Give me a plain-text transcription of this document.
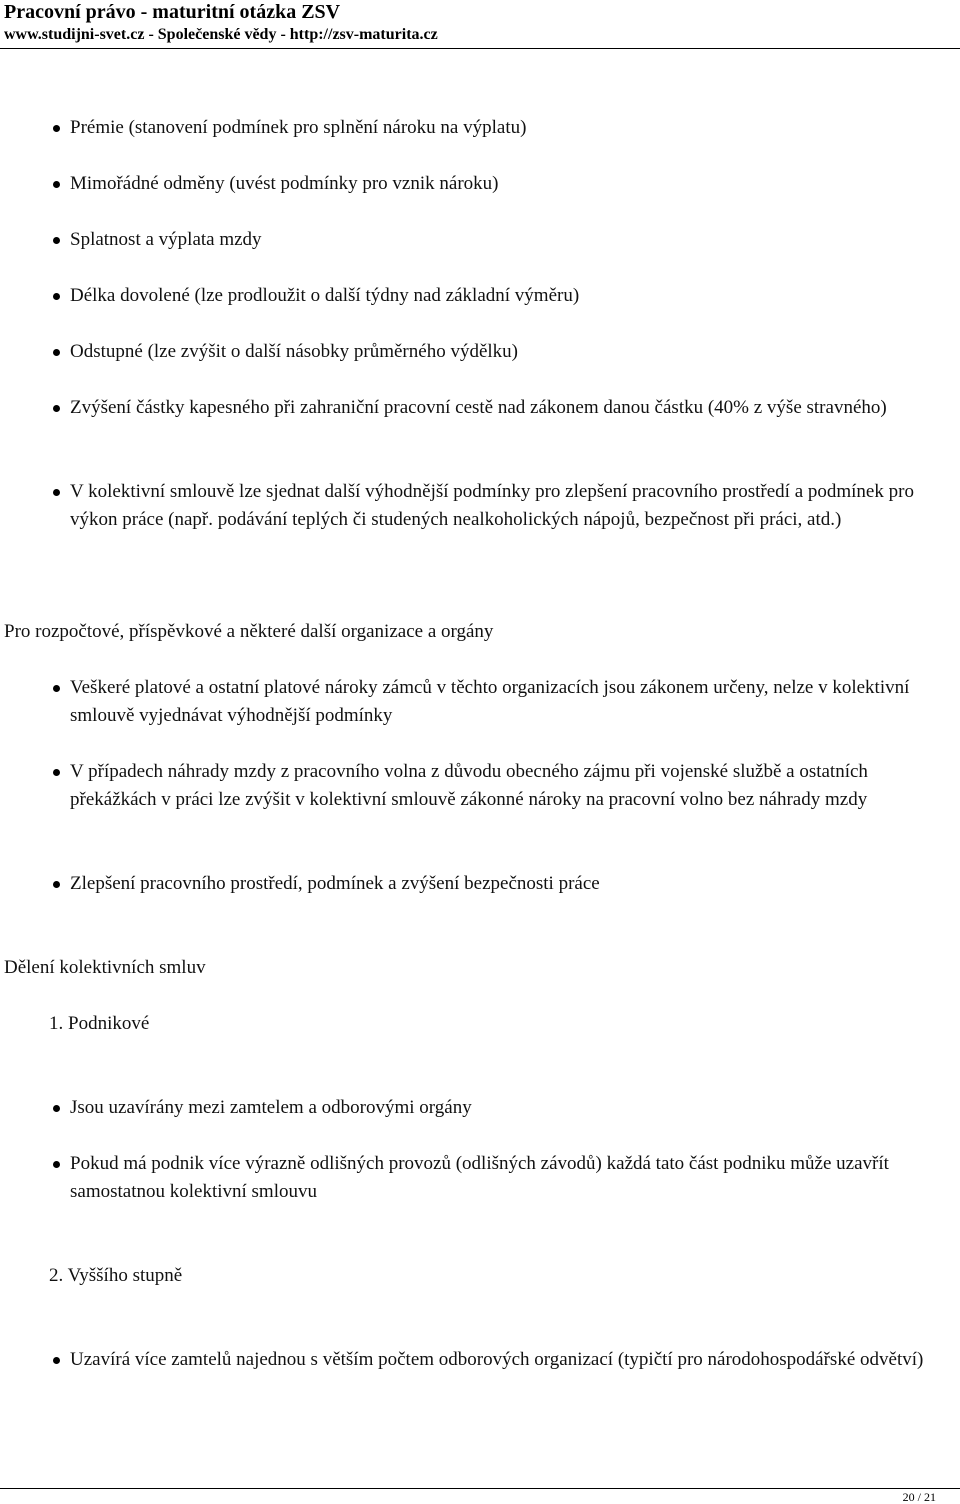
Pracovní právo - maturitní otázka ZSV
www.studijni-svet.cz - Společenské vědy - http://zsv-maturita.cz
Prémie (stanovení podmínek pro splnění nároku na výplatu)
Mimořádné odměny (uvést podmínky pro vznik nároku)
Splatnost a výplata mzdy
Délka dovolené (lze prodloužit o další týdny nad základní výměru)
Odstupné (lze zvýšit o další násobky průměrného výdělku)
Zvýšení částky kapesného při zahraniční pracovní cestě nad zákonem danou částku (40% z výše stravného)
V kolektivní smlouvě lze sjednat další výhodnější podmínky pro zlepšení pracovního prostředí a podmínek pro výkon práce (např. podávání teplých či studených nealkoholických nápojů, bezpečnost při práci, atd.)
Pro rozpočtové, příspěvkové a některé další organizace a orgány
Veškeré platové a ostatní platové nároky zámců v těchto organizacích jsou zákonem určeny, nelze v kolektivní smlouvě vyjednávat výhodnější podmínky
V případech náhrady mzdy z pracovního volna z důvodu obecného zájmu při vojenské službě a ostatních překážkách v práci lze zvýšit v kolektivní smlouvě zákonné nároky na pracovní volno bez náhrady mzdy
Zlepšení pracovního prostředí, podmínek a zvýšení bezpečnosti práce
Dělení kolektivních smluv
1. Podnikové
Jsou uzavírány mezi zamtelem a odborovými orgány
Pokud má podnik více výrazně odlišných provozů (odlišných závodů) každá tato část podniku může uzavřít samostatnou kolektivní smlouvu
2. Vyššího stupně
Uzavírá více zamtelů najednou s větším počtem odborových organizací (typičtí pro národohospodářské odvětví)
20 / 21
